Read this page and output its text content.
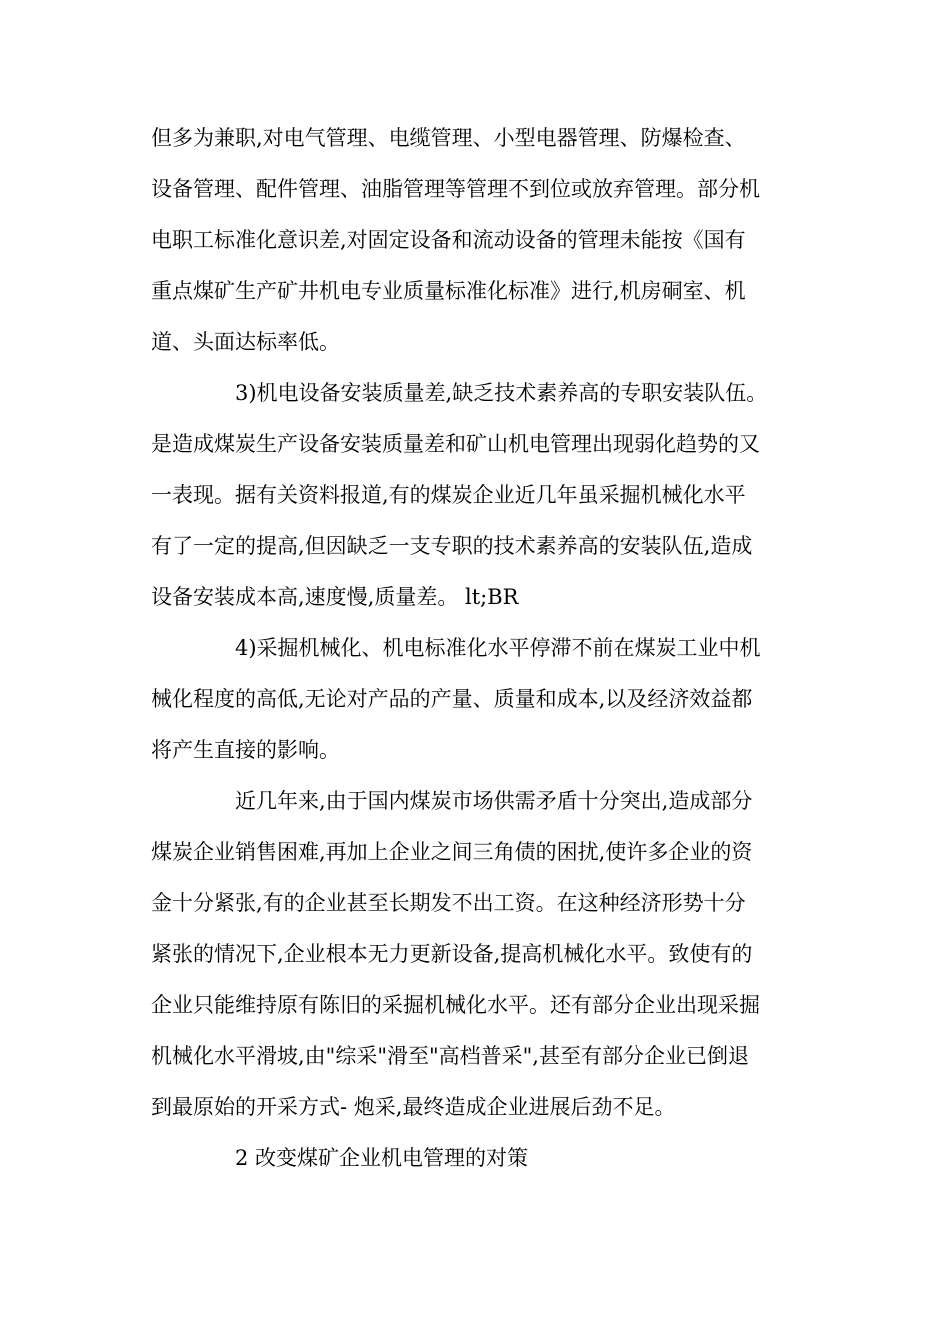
但多为兼职,对电气管理、电缆管理、小型电器管理、防爆检查、
设备管理、配件管理、油脂管理等管理不到位或放弃管理。部分机
电职工标准化意识差,对固定设备和流动设备的管理未能按《国有
重点煤矿生产矿井机电专业质量标准化标准》进行,机房硐室、机
道、头面达标率低。
3)机电设备安装质量差,缺乏技术素养高的专职安装队伍。
是造成煤炭生产设备安装质量差和矿山机电管理出现弱化趋势的又
一表现。据有关资料报道,有的煤炭企业近几年虽采掘机械化水平
有了一定的提高,但因缺乏一支专职的技术素养高的安装队伍,造成
设备安装成本高,速度慢,质量差。 lt;BR
4)采掘机械化、机电标准化水平停滞不前在煤炭工业中机
械化程度的高低,无论对产品的产量、质量和成本,以及经济效益都
将产生直接的影响。
近几年来,由于国内煤炭市场供需矛盾十分突出,造成部分
煤炭企业销售困难,再加上企业之间三角债的困扰,使许多企业的资
金十分紧张,有的企业甚至长期发不出工资。在这种经济形势十分
紧张的情况下,企业根本无力更新设备,提高机械化水平。致使有的
企业只能维持原有陈旧的采掘机械化水平。还有部分企业出现采掘
机械化水平滑坡,由"综采"滑至"高档普采",甚至有部分企业已倒退
到最原始的开采方式- 炮采,最终造成企业进展后劲不足。
2 改变煤矿企业机电管理的对策
